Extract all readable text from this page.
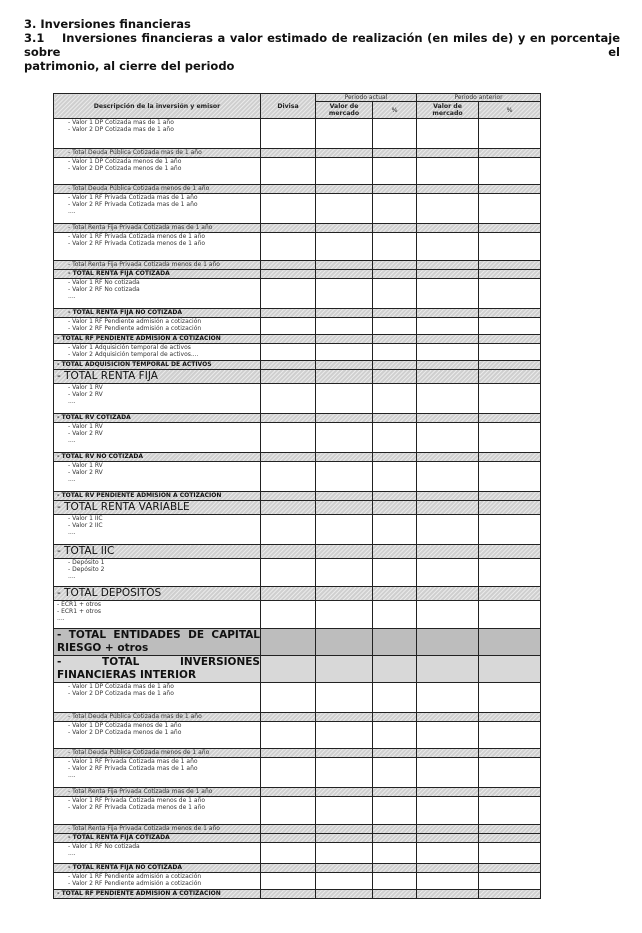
3. Inversiones financieras
3.1 Inversiones financieras a valor estimado de realización (en miles de) y en porcentaje sobre el
patrimonio, al cierre del periodo
Descripción de la inversión y emisor	Divisa	Periodo actual		Periodo anterior	
		Valor de mercado	%	Valor de mercado	%

- Valor 1 DP Cotizada mas de 1 año
- Valor 2 DP Cotizada mas de 1 año					

- Total Deuda Pública Cotizada mas de 1 año					

- Valor 1 DP Cotizada menos de 1 año
- Valor 2 DP Cotizada menos de 1 año					

- Total Deuda Pública Cotizada menos de 1 año					

- Valor 1 RF Privada Cotizada mas de 1 año
- Valor 2 RF Privada Cotizada mas de 1 año
....					

- Total Renta Fija Privada Cotizada mas de 1 año					

- Valor 1 RF Privada Cotizada menos de 1 año
- Valor 2 RF Privada Cotizada menos de 1 año					

- Total Renta Fija Privada Cotizada menos de 1 año					
- TOTAL RENTA FIJA COTIZADA					

- Valor 1 RF No cotizada
- Valor 2 RF No cotizada
....					

- TOTAL RENTA FIJA NO COTIZADA					

- Valor 1 RF Pendiente admisión a cotización
- Valor 2 RF Pendiente admisión a cotización					

- TOTAL RF PENDIENTE ADMISION A COTIZACION					

- Valor 1 Adquisición temporal de activos
- Valor 2 Adquisición temporal de activos....					

- TOTAL ADQUISICIÓN TEMPORAL DE ACTIVOS					
- TOTAL RENTA FIJA					

- Valor 1 RV
- Valor 2 RV
....					

- TOTAL RV COTIZADA					

- Valor 1 RV
- Valor 2 RV
....					

- TOTAL RV NO COTIZADA					

- Valor 1 RV
- Valor 2 RV
....					

- TOTAL RV PENDIENTE ADMISIÓN A COTIZACIÓN					
- TOTAL RENTA VARIABLE					

- Valor 1 IIC
- Valor 2 IIC
....					

- TOTAL IIC					

- Depósito 1
- Depósito 2
....					

- TOTAL DEPÓSITOS					

- ECR1 + otros
- ECR1 + otros
....					

- TOTAL ENTIDADES DE CAPITAL RIESGO + otros					
- TOTAL INVERSIONES FINANCIERAS INTERIOR					

- Valor 1 DP Cotizada mas de 1 año
- Valor 2 DP Cotizada mas de 1 año					

- Total Deuda Pública Cotizada mas de 1 año					

- Valor 1 DP Cotizada menos de 1 año
- Valor 2 DP Cotizada menos de 1 año					

- Total Deuda Pública Cotizada menos de 1 año					

- Valor 1 RF Privada Cotizada mas de 1 año
- Valor 2 RF Privada Cotizada mas de 1 año
....					

- Total Renta Fija Privada Cotizada mas de 1 año					

- Valor 1 RF Privada Cotizada menos de 1 año
- Valor 2 RF Privada Cotizada menos de 1 año					

- Total Renta Fija Privada Cotizada menos de 1 año					
- TOTAL RENTA FIJA COTIZADA					

- Valor 1 RF No cotizada
....					

- TOTAL RENTA FIJA NO COTIZADA					

- Valor 1 RF Pendiente admisión a cotización
- Valor 2 RF Pendiente admisión a cotización					

- TOTAL RF PENDIENTE ADMISION A COTIZACION					
